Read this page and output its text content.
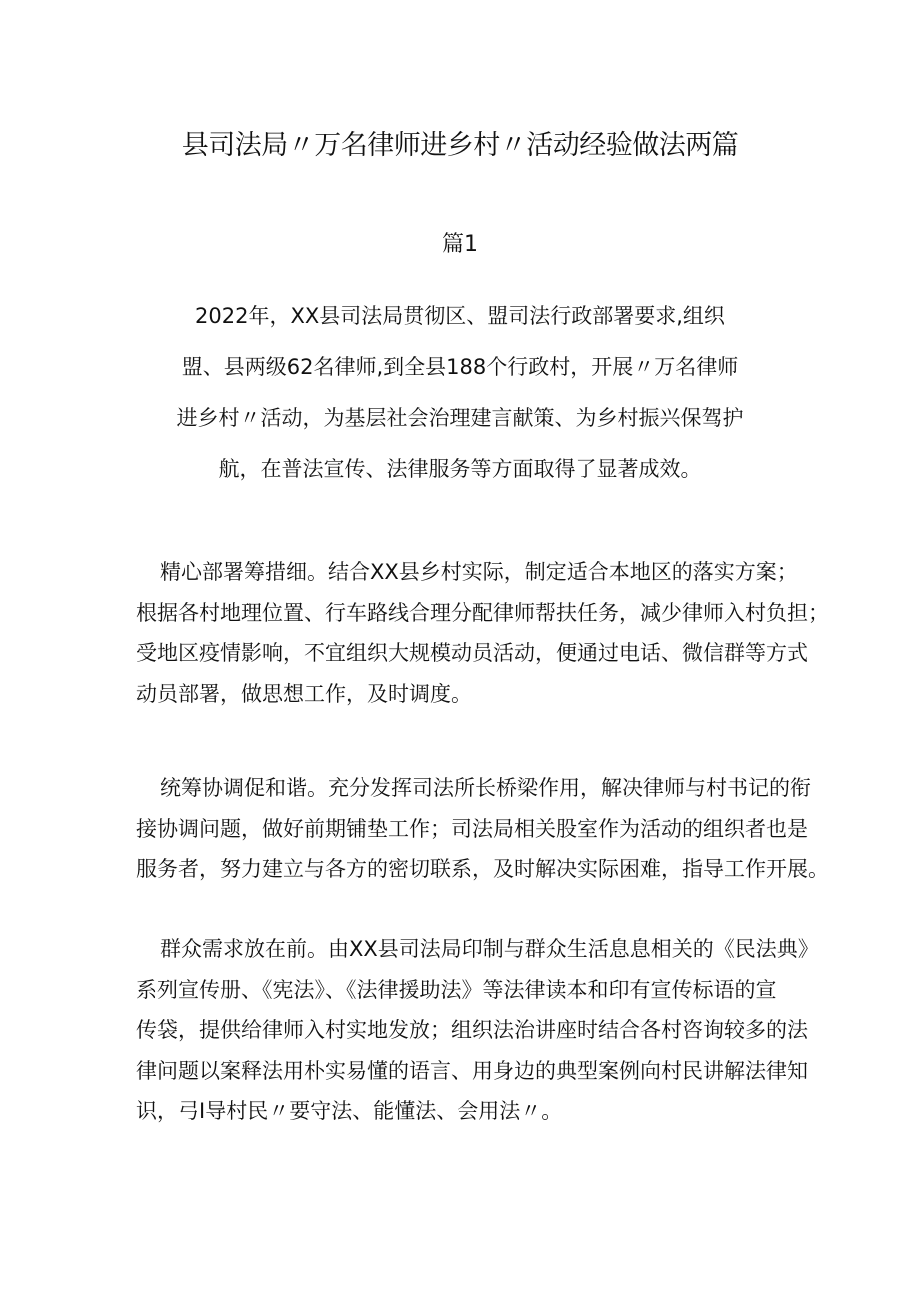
县司法局〃万名律师进乡村〃活动经验做法两篇
篇1
2022年，XX县司法局贯彻区、盟司法行政部署要求,组织
盟、县两级62名律师,到全县188个行政村，开展〃万名律师
进乡村〃活动，为基层社会治理建言献策、为乡村振兴保驾护
航，在普法宣传、法律服务等方面取得了显著成效。

精心部署筹措细。结合XX县乡村实际，制定适合本地区的落实方案；
根据各村地理位置、行车路线合理分配律师帮扶任务，减少律师入村负担；
受地区疫情影响，不宜组织大规模动员活动，便通过电话、微信群等方式
动员部署，做思想工作，及时调度。

统筹协调促和谐。充分发挥司法所长桥梁作用，解决律师与村书记的衔
接协调问题，做好前期铺垫工作；司法局相关股室作为活动的组织者也是
服务者，努力建立与各方的密切联系，及时解决实际困难，指导工作开展。

群众需求放在前。由XX县司法局印制与群众生活息息相关的《民法典》
系列宣传册、《宪法》、《法律援助法》等法律读本和印有宣传标语的宣
传袋，提供给律师入村实地发放；组织法治讲座时结合各村咨询较多的法
律问题以案释法用朴实易懂的语言、用身边的典型案例向村民讲解法律知
识，弓I导村民〃要守法、能懂法、会用法〃。
